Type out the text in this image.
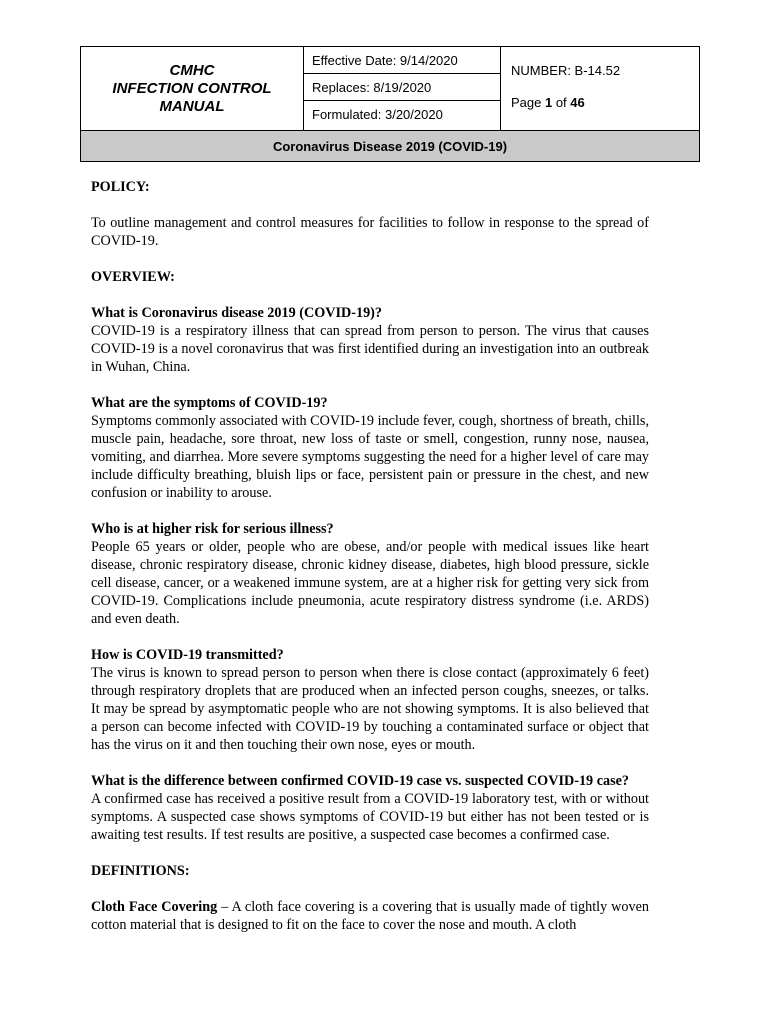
CMHC
INFECTION CONTROL
MANUAL

Effective Date: 9/14/2020
Replaces: 8/19/2020
Formulated: 3/20/2020

NUMBER: B-14.52
Page 1 of 46

Coronavirus Disease 2019 (COVID-19)

POLICY:

To outline management and control measures for facilities to follow in response to the spread of COVID-19.

OVERVIEW:

What is Coronavirus disease 2019 (COVID-19)?

COVID-19 is a respiratory illness that can spread from person to person. The virus that causes COVID-19 is a novel coronavirus that was first identified during an investigation into an outbreak in Wuhan, China.

What are the symptoms of COVID-19?

Symptoms commonly associated with COVID-19 include fever, cough, shortness of breath, chills, muscle pain, headache, sore throat, new loss of taste or smell, congestion, runny nose, nausea, vomiting, and diarrhea. More severe symptoms suggesting the need for a higher level of care may include difficulty breathing, bluish lips or face, persistent pain or pressure in the chest, and new confusion or inability to arouse.

Who is at higher risk for serious illness?

People 65 years or older, people who are obese, and/or people with medical issues like heart disease, chronic respiratory disease, chronic kidney disease, diabetes, high blood pressure, sickle cell disease, cancer, or a weakened immune system, are at a higher risk for getting very sick from COVID-19. Complications include pneumonia, acute respiratory distress syndrome (i.e. ARDS) and even death.

How is COVID-19 transmitted?

The virus is known to spread person to person when there is close contact (approximately 6 feet) through respiratory droplets that are produced when an infected person coughs, sneezes, or talks. It may be spread by asymptomatic people who are not showing symptoms. It is also believed that a person can become infected with COVID-19 by touching a contaminated surface or object that has the virus on it and then touching their own nose, eyes or mouth.

What is the difference between confirmed COVID-19 case vs. suspected COVID-19 case?

A confirmed case has received a positive result from a COVID-19 laboratory test, with or without symptoms. A suspected case shows symptoms of COVID-19 but either has not been tested or is awaiting test results. If test results are positive, a suspected case becomes a confirmed case.

DEFINITIONS:

Cloth Face Covering – A cloth face covering is a covering that is usually made of tightly woven cotton material that is designed to fit on the face to cover the nose and mouth. A cloth
